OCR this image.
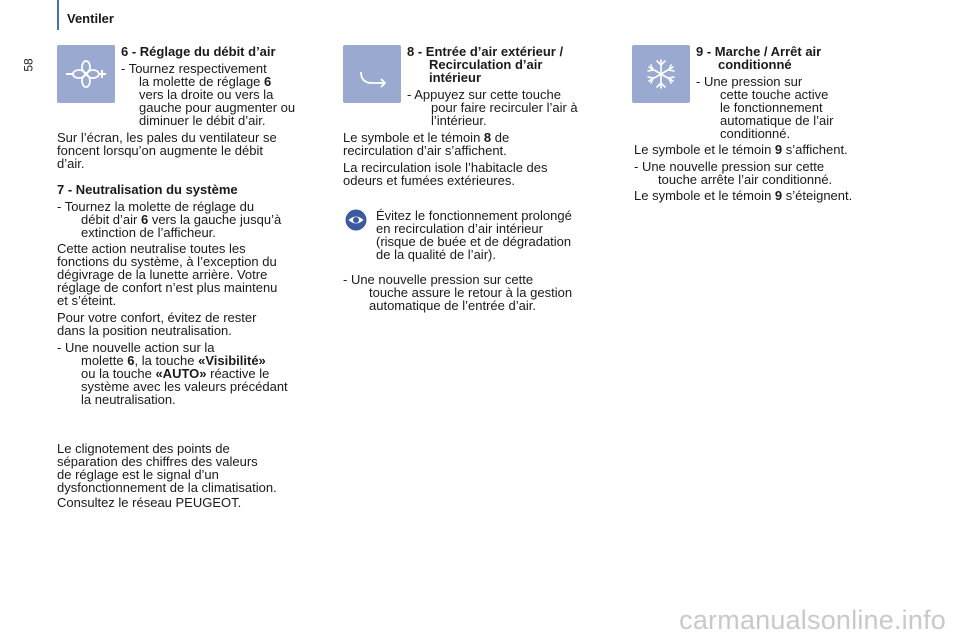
Ventiler
58
6 - Réglage du débit d’air
- Tournez respectivement
la molette de réglage 6
vers la droite ou vers la
gauche pour augmenter ou
diminuer le débit d’air.
Sur l’écran, les pales du ventilateur se
foncent lorsqu’on augmente le débit
d’air.
7 - Neutralisation du système
- Tournez la molette de réglage du
débit d’air 6 vers la gauche jusqu’à
extinction de l’afficheur.
Cette action neutralise toutes les
fonctions du système, à l’exception du
dégivrage de la lunette arrière. Votre
réglage de confort n’est plus maintenu
et s’éteint.
Pour votre confort, évitez de rester
dans la position neutralisation.
- Une nouvelle action sur la
molette 6, la touche «Visibilité»
ou la touche «AUTO» réactive le
système avec les valeurs précédant
la neutralisation.
Le clignotement des points de
séparation des chiffres des valeurs
de réglage est le signal d’un
dysfonctionnement de la climatisation.
Consultez le réseau PEUGEOT.
8 - Entrée d’air extérieur /
Recirculation d’air
intérieur
- Appuyez sur cette touche
pour faire recirculer l’air à
l’intérieur.
Le symbole et le témoin 8 de
recirculation d’air s’affichent.
La recirculation isole l’habitacle des
odeurs et fumées extérieures.
Évitez le fonctionnement prolongé
en recirculation d’air intérieur
(risque de buée et de dégradation
de la qualité de l’air).
- Une nouvelle pression sur cette
touche assure le retour à la gestion
automatique de l’entrée d’air.
9 - Marche / Arrêt air
conditionné
- Une pression sur
cette touche active
le fonctionnement
automatique de l’air
conditionné.
Le symbole et le témoin 9 s’affichent.
- Une nouvelle pression sur cette
touche arrête l’air conditionné.
Le symbole et le témoin 9 s’éteignent.
carmanualsonline.info
